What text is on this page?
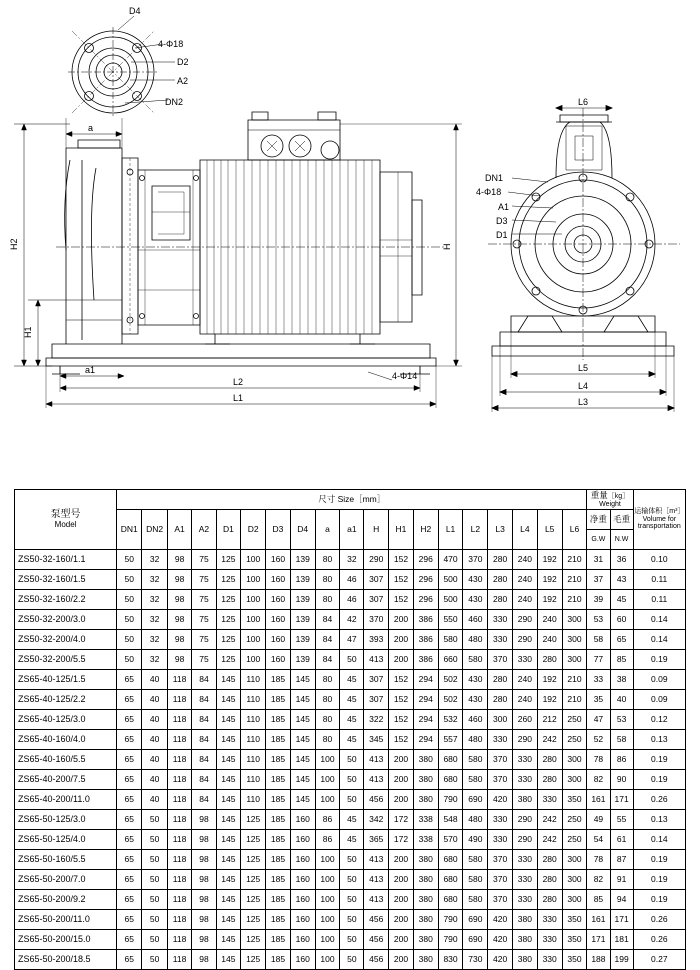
D4
4-Φ18
D2
A2
DN2
a
H2
H1
H
a1
L2
L1
4-Φ14
L6
DN1
4-Φ18
A1
D3
D1
L5
L4
L3
泵型号
Model
	尺寸 Size［mm］	重量［kg］
Weight

运输体积［m³］
Volume for
transportation

	DN1	DN2	A1	A2	D1	D2	D3	D4	a	a1	H	H1	H2	L1	L2	L3	L4	L5	L6	净重	毛重	

																				G.W	N.W	
ZS50-32-160/1.1	50	32	98	75	125	100	160	139	80	32	290	152	296	470	370	280	240	192	210	31	36	0.10
ZS50-32-160/1.5	50	32	98	75	125	100	160	139	80	46	307	152	296	500	430	280	240	192	210	37	43	0.11
ZS50-32-160/2.2	50	32	98	75	125	100	160	139	80	46	307	152	296	500	430	280	240	192	210	39	45	0.11
ZS50-32-200/3.0	50	32	98	75	125	100	160	139	84	42	370	200	386	550	460	330	290	240	300	53	60	0.14
ZS50-32-200/4.0	50	32	98	75	125	100	160	139	84	47	393	200	386	580	480	330	290	240	300	58	65	0.14
ZS50-32-200/5.5	50	32	98	75	125	100	160	139	84	50	413	200	386	660	580	370	330	280	300	77	85	0.19
ZS65-40-125/1.5	65	40	118	84	145	110	185	145	80	45	307	152	294	502	430	280	240	192	210	33	38	0.09
ZS65-40-125/2.2	65	40	118	84	145	110	185	145	80	45	307	152	294	502	430	280	240	192	210	35	40	0.09
ZS65-40-125/3.0	65	40	118	84	145	110	185	145	80	45	322	152	294	532	460	300	260	212	250	47	53	0.12
ZS65-40-160/4.0	65	40	118	84	145	110	185	145	80	45	345	152	294	557	480	330	290	242	250	52	58	0.13
ZS65-40-160/5.5	65	40	118	84	145	110	185	145	100	50	413	200	380	680	580	370	330	280	300	78	86	0.19
ZS65-40-200/7.5	65	40	118	84	145	110	185	145	100	50	413	200	380	680	580	370	330	280	300	82	90	0.19
ZS65-40-200/11.0	65	40	118	84	145	110	185	145	100	50	456	200	380	790	690	420	380	330	350	161	171	0.26
ZS65-50-125/3.0	65	50	118	98	145	125	185	160	86	45	342	172	338	548	480	330	290	242	250	49	55	0.13
ZS65-50-125/4.0	65	50	118	98	145	125	185	160	86	45	365	172	338	570	490	330	290	242	250	54	61	0.14
ZS65-50-160/5.5	65	50	118	98	145	125	185	160	100	50	413	200	380	680	580	370	330	280	300	78	87	0.19
ZS65-50-200/7.0	65	50	118	98	145	125	185	160	100	50	413	200	380	680	580	370	330	280	300	82	91	0.19
ZS65-50-200/9.2	65	50	118	98	145	125	185	160	100	50	413	200	380	680	580	370	330	280	300	85	94	0.19
ZS65-50-200/11.0	65	50	118	98	145	125	185	160	100	50	456	200	380	790	690	420	380	330	350	161	171	0.26
ZS65-50-200/15.0	65	50	118	98	145	125	185	160	100	50	456	200	380	790	690	420	380	330	350	171	181	0.26
ZS65-50-200/18.5	65	50	118	98	145	125	185	160	100	50	456	200	380	830	730	420	380	330	350	188	199	0.27
